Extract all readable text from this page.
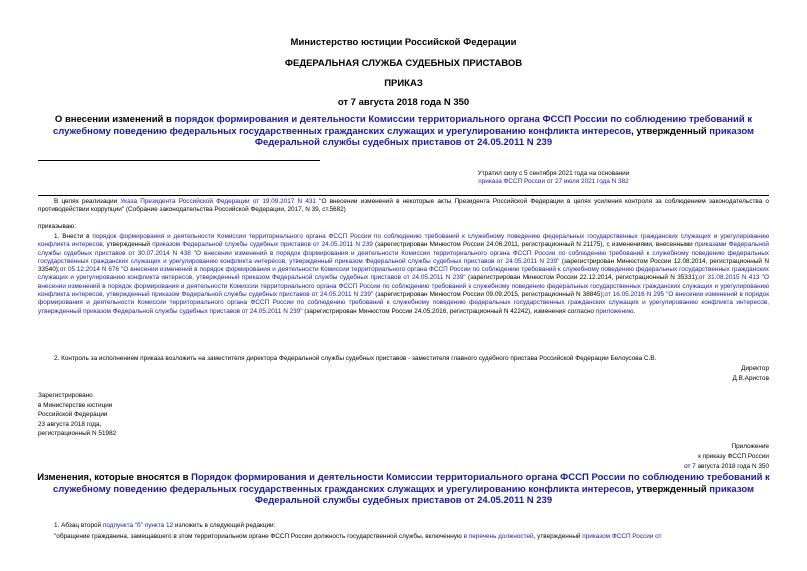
Министерство юстиции Российской Федерации
ФЕДЕРАЛЬНАЯ СЛУЖБА СУДЕБНЫХ ПРИСТАВОВ
ПРИКАЗ
от 7 августа 2018 года N 350
О внесении изменений в порядок формирования и деятельности Комиссии территориального органа ФССП России по соблюдению требований к служебному поведению федеральных государственных гражданских служащих и урегулированию конфликта интересов, утвержденный приказом Федеральной службы судебных приставов от 24.05.2011 N 239
Утратил силу с 5 сентября 2021 года на основании
приказа ФССП России от 27 июля 2021 года N 382
В целях реализации Указа Президента Российской Федерации от 19.09.2017 N 431 "О внесении изменений в некоторые акты Президента Российской Федерации в целях усиления контроля за соблюдением законодательства о противодействии коррупции" (Собрание законодательства Российской Федерации, 2017, N 39, ст.5682)
приказываю:
1. Внести в порядок формирования и деятельности Комиссии территориального органа ФССП России по соблюдению требований к служебному поведению федеральных государственных гражданских служащих и урегулированию конфликта интересов, утвержденный приказом Федеральной службы судебных приставов от 24.05.2011 N 239 (зарегистрирован Минюстом России 24.06.2011, регистрационный N 21175), с изменениями, внесенными приказами Федеральной службы судебных приставов от 30.07.2014 N 438 "О внесении изменений в порядок формирования и деятельности Комиссии территориального органа ФССП России по соблюдению требований к служебному поведению федеральных государственных гражданских служащих и урегулированию конфликта интересов, утвержденный приказом Федеральной службы судебных приставов от 24.05.2011 N 239" (зарегистрирован Минюстом России 12.08.2014, регистрационный N 33540);от 05.12.2014 N 676 "О внесении изменений в порядок формирования и деятельности Комиссии территориального органа ФССП России по соблюдению требований к служебному поведению федеральных государственных гражданских служащих и урегулированию конфликта интересов, утвержденный приказом Федеральной службы судебных приставов от 24.05.2011 N 239" (зарегистрирован Минюстом России 22.12.2014, регистрационный N 35331);от 31.08.2015 N 413 "О внесении изменений в порядок формирования и деятельности Комиссии территориального органа ФССП России по соблюдению требований к служебному поведению федеральных государственных гражданских служащих и урегулированию конфликта интересов, утвержденный приказом Федеральной службы судебных приставов от 24.05.2011 N 239" (зарегистрирован Минюстом России 09.09.2015, регистрационный N 38845);от 16.05.2016 N 295 "О внесении изменений в порядок формирования и деятельности Комиссии территориального органа ФССП России по соблюдению требований к служебному поведению федеральных государственных гражданских служащих и урегулированию конфликта интересов, утвержденный приказом Федеральной службы судебных приставов от 24.05.2011 N 239" (зарегистрирован Минюстом России 24.05.2016, регистрационный N 42242), изменения согласно приложению.
2. Контроль за исполнением приказа возложить на заместителя директора Федеральной службы судебных приставов - заместителя главного судебного пристава Российской Федерации Белоусова С.В.
Директор
Д.В.Аристов
Зарегистрировано
в Министерстве юстиции
Российской Федерации
23 августа 2018 года,
регистрационный N 51982
Приложение
к приказу ФССП России
от 7 августа 2018 года N 350
Изменения, которые вносятся в Порядок формирования и деятельности Комиссии территориального органа ФССП России по соблюдению требований к служебному поведению федеральных государственных гражданских служащих и урегулированию конфликта интересов, утвержденный приказом Федеральной службы судебных приставов от 24.05.2011 N 239
1. Абзац второй подпункта "б" пункта 12 изложить в следующей редакции:
"обращение гражданина, замещавшего в этом территориальном органе ФССП России должность государственной службы, включенную в перечень должностей, утвержденный приказом ФССП России от
